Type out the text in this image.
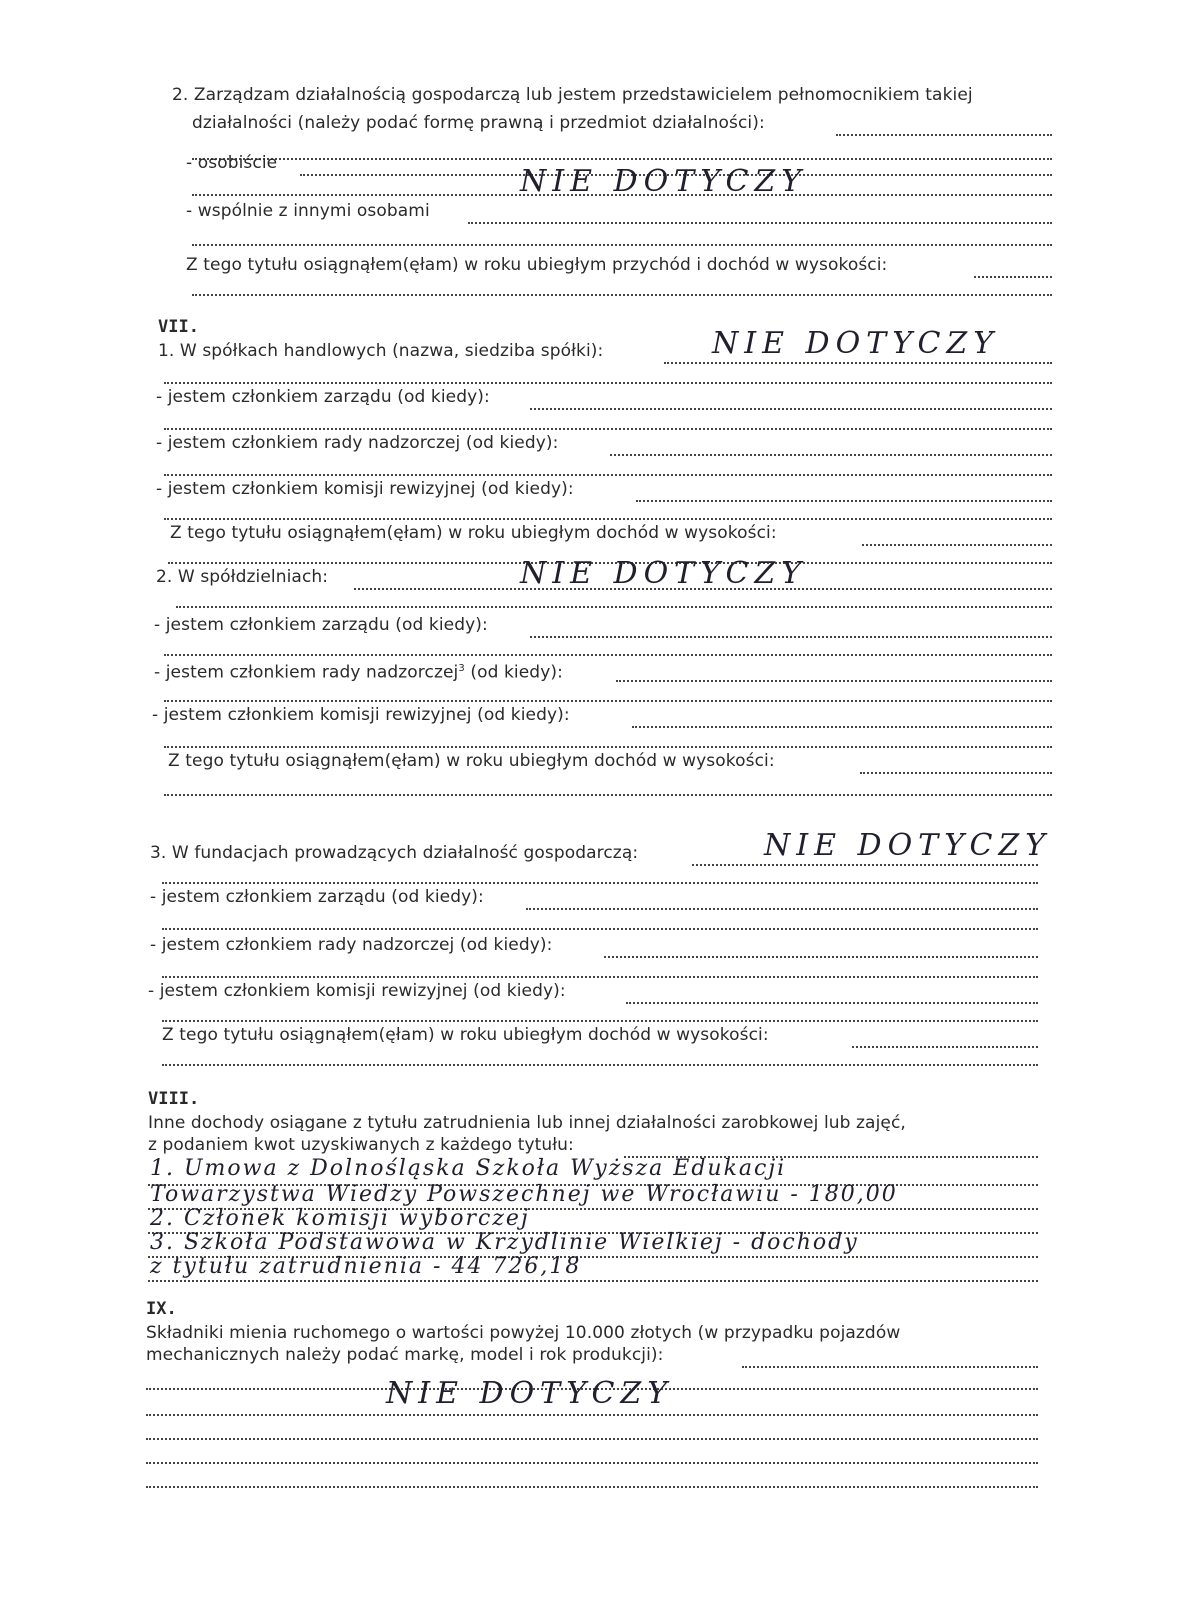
2. Zarządzam działalnością gospodarczą lub jestem przedstawicielem pełnomocnikiem takiej
działalności (należy podać formę prawną i przedmiot działalności):
- osobiście
NIE DOTYCZY
- wspólnie z innymi osobami
Z tego tytułu osiągnąłem(ęłam) w roku ubiegłym przychód i dochód w wysokości:
VII.
1. W spółkach handlowych (nazwa, siedziba spółki):	NIE DOTYCZY
- jestem członkiem zarządu (od kiedy):
- jestem członkiem rady nadzorczej (od kiedy):
- jestem członkiem komisji rewizyjnej (od kiedy):
Z tego tytułu osiągnąłem(ęłam) w roku ubiegłym dochód w wysokości:
2. W spółdzielniach:	NIE DOTYCZY
- jestem członkiem zarządu (od kiedy):
- jestem członkiem rady nadzorczej$^3$ (od kiedy):
- jestem członkiem komisji rewizyjnej (od kiedy):
Z tego tytułu osiągnąłem(ęłam) w roku ubiegłym dochód w wysokości:
3. W fundacjach prowadzących działalność gospodarczą:	NIE DOTYCZY
- jestem członkiem zarządu (od kiedy):
- jestem członkiem rady nadzorczej (od kiedy):
- jestem członkiem komisji rewizyjnej (od kiedy):
Z tego tytułu osiągnąłem(ęłam) w roku ubiegłym dochód w wysokości:
VIII.
Inne dochody osiągane z tytułu zatrudnienia lub innej działalności zarobkowej lub zajęć,
z podaniem kwot uzyskiwanych z każdego tytułu:
1. Umowa z Dolnośląska Szkoła Wyższa Edukacji
Towarzystwa Wiedzy Powszechnej we Wrocławiu - 180,00
2. Członek komisji wyborczej
3. Szkoła Podstawowa w Krzydlinie Wielkiej - dochody
z tytułu zatrudnienia - 44 726,18
IX.
Składniki mienia ruchomego o wartości powyżej 10.000 złotych (w przypadku pojazdów
mechanicznych należy podać markę, model i rok produkcji):
NIE DOTYCZY
